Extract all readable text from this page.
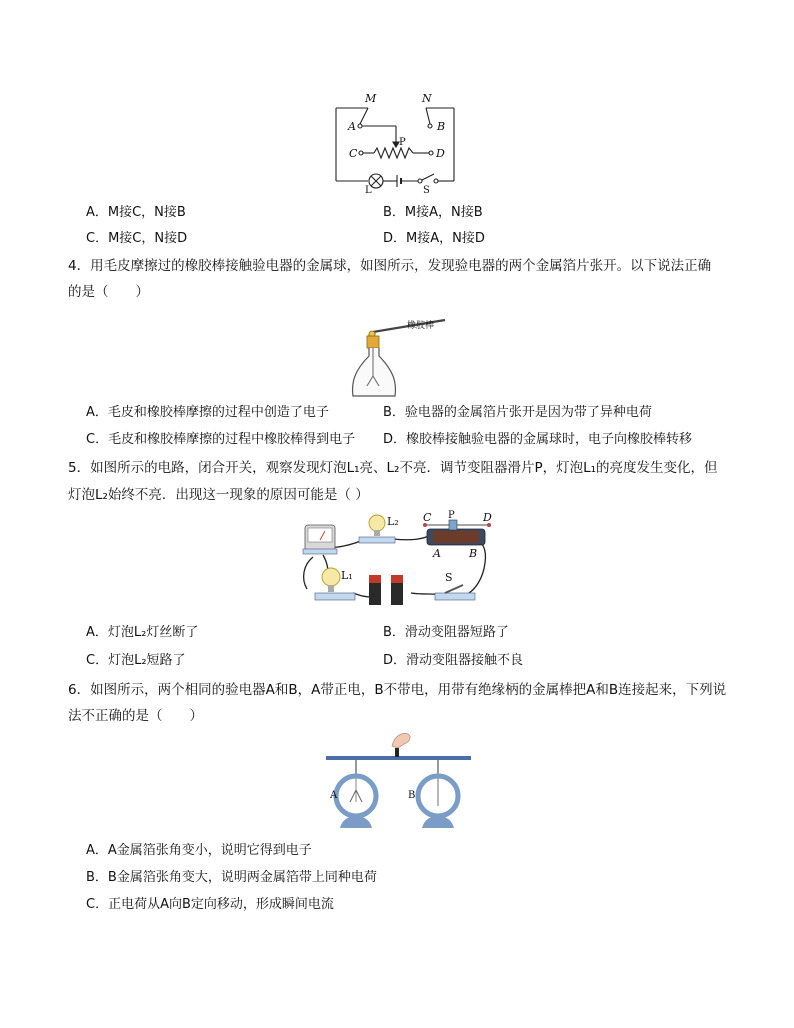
M	N
A	B
C	D
P
L	S
A．M接C，N接B	B．M接A，N接B
C．M接C，N接D	D．M接A，N接D
4．用毛皮摩擦过的橡胶棒接触验电器的金属球，如图所示，发现验电器的两个金属箔片张开。以下说法正确
的是（　　）
橡胶棒
A．毛皮和橡胶棒摩擦的过程中创造了电子	B．验电器的金属箔片张开是因为带了异种电荷
C．毛皮和橡胶棒摩擦的过程中橡胶棒得到电子 D．橡胶棒接触验电器的金属球时，电子向橡胶棒转移
5．如图所示的电路，闭合开关，观察发现灯泡L₁亮、L₂不亮．调节变阻器滑片P，灯泡L₁的亮度发生变化，但
灯泡L₂始终不亮．出现这一现象的原因可能是（ ）
L₂ C	D
A	B
P
L₁	S
A．灯泡L₂灯丝断了	B．滑动变阻器短路了
C．灯泡L₂短路了	D．滑动变阻器接触不良
6．如图所示，两个相同的验电器A和B，A带正电，B不带电，用带有绝缘柄的金属棒把A和B连接起来，下列说
法不正确的是（　　）
A	B
A．A金属箔张角变小，说明它得到电子
B．B金属箔张角变大，说明两金属箔带上同种电荷
C．正电荷从A向B定向移动，形成瞬间电流
